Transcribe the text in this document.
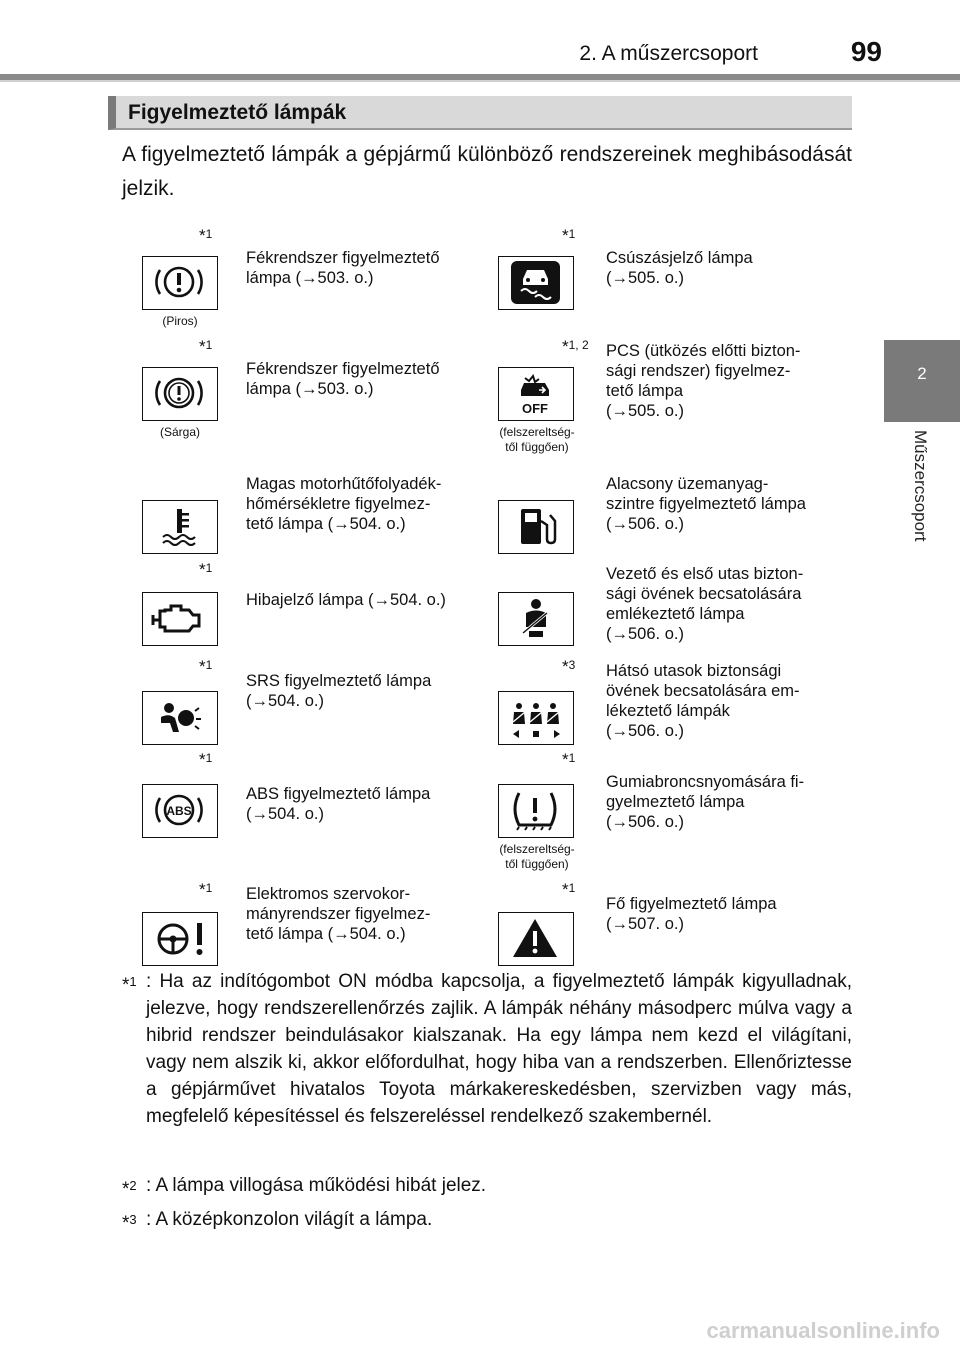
2. A műszercsoport	99
2
Műszercsoport
Figyelmeztető lámpák
A figyelmeztető lámpák a gépjármű különböző rendszereinek meghibásodását jelzik.
*$^1$
(Piros)
Fékrendszer figyelmeztető
lámpa (→503. o.)
*$^1$
Csúszásjelző lámpa
(→505. o.)
*$^1$
(Sárga)
Fékrendszer figyelmeztető
lámpa (→503. o.)
*$^{1, 2}$
OFF
(felszereltség-
től függően)
PCS (ütközés előtti bizton-
sági rendszer) figyelmez-
tető lámpa
(→505. o.)
Magas motorhűtőfolyadék-
hőmérsékletre figyelmez-
tető lámpa (→504. o.)
Alacsony üzemanyag-
szintre figyelmeztető lámpa
(→506. o.)
*$^1$
Hibajelző lámpa (→504. o.)
Vezető és első utas bizton-
sági övének becsatolására
emlékeztető lámpa
(→506. o.)
*$^1$
SRS figyelmeztető lámpa
(→504. o.)
*$^3$ Hátsó utasok biztonsági
övének becsatolására em-
lékeztető lámpák
(→506. o.)
*$^1$
ABS
ABS figyelmeztető lámpa
(→504. o.)
*$^1$
(felszereltség-
től függően)
Gumiabroncsnyomására fi-
gyelmeztető lámpa
(→506. o.)
*$^1$ Elektromos szervokor-
mányrendszer figyelmez-
tető lámpa (→504. o.)
*$^1$
Fő figyelmeztető lámpa
(→507. o.)
*$^1$ : Ha az indítógombot ON módba kapcsolja, a figyelmeztető lámpák kigyulladnak, jelezve, hogy rendszerellenőrzés zajlik. A lámpák néhány másodperc múlva vagy a hibrid rendszer beindulásakor kialszanak. Ha egy lámpa nem kezd el világítani, vagy nem alszik ki, akkor előfordulhat, hogy hiba van a rendszerben. Ellenőriztesse a gépjárművet hivatalos Toyota márkakereskedésben, szervizben vagy más, megfelelő képesítéssel és felszereléssel rendelkező szakembernél.
*$^2$ : A lámpa villogása működési hibát jelez.
*$^3$ : A középkonzolon világít a lámpa.
carmanualsonline.info
